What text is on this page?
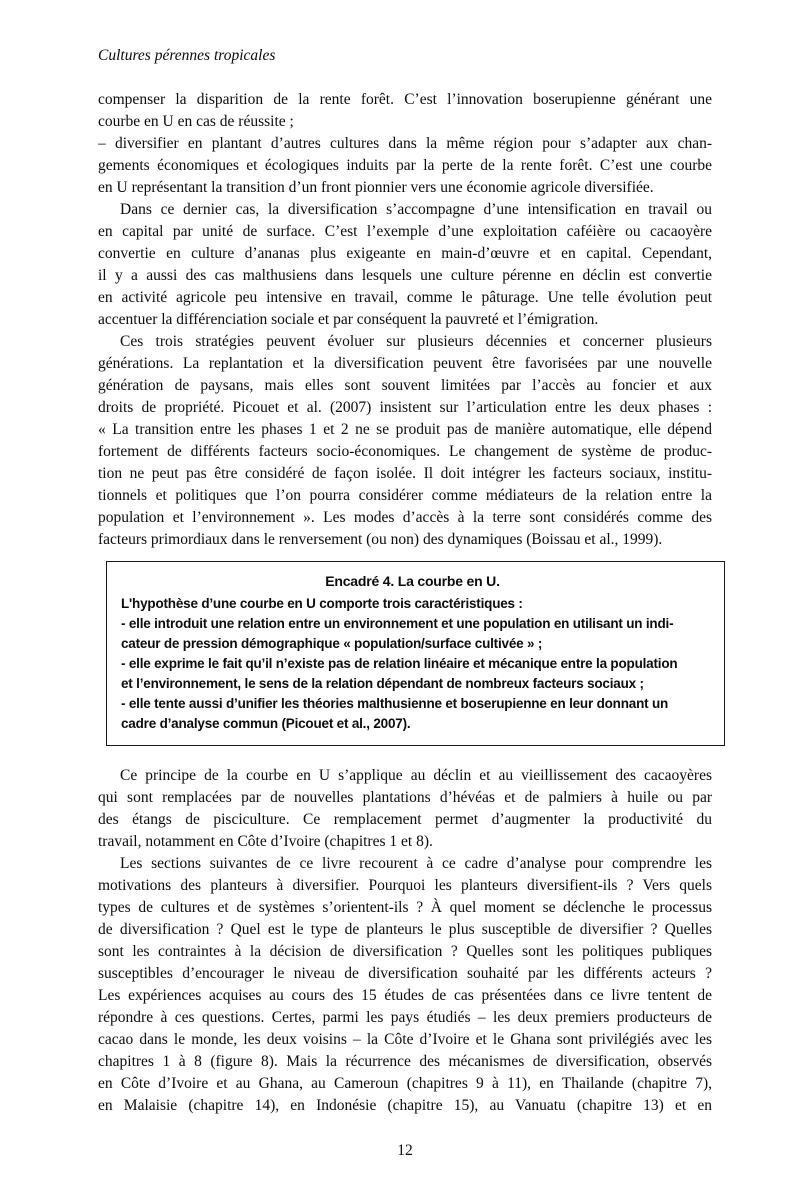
Cultures pérennes tropicales
compenser la disparition de la rente forêt. C’est l’innovation boserupienne générant une
courbe en U en cas de réussite ;
– diversifier en plantant d’autres cultures dans la même région pour s’adapter aux chan-
gements économiques et écologiques induits par la perte de la rente forêt. C’est une courbe
en U représentant la transition d’un front pionnier vers une économie agricole diversifiée.
Dans ce dernier cas, la diversification s’accompagne d’une intensification en travail ou
en capital par unité de surface. C’est l’exemple d’une exploitation caféière ou cacaoyère
convertie en culture d’ananas plus exigeante en main-d’œuvre et en capital. Cependant,
il y a aussi des cas malthusiens dans lesquels une culture pérenne en déclin est convertie
en activité agricole peu intensive en travail, comme le pâturage. Une telle évolution peut
accentuer la différenciation sociale et par conséquent la pauvreté et l’émigration.
Ces trois stratégies peuvent évoluer sur plusieurs décennies et concerner plusieurs
générations. La replantation et la diversification peuvent être favorisées par une nouvelle
génération de paysans, mais elles sont souvent limitées par l’accès au foncier et aux
droits de propriété. Picouet et al. (2007) insistent sur l’articulation entre les deux phases :
« La transition entre les phases 1 et 2 ne se produit pas de manière automatique, elle dépend
fortement de différents facteurs socio-économiques. Le changement de système de produc-
tion ne peut pas être considéré de façon isolée. Il doit intégrer les facteurs sociaux, institu-
tionnels et politiques que l’on pourra considérer comme médiateurs de la relation entre la
population et l’environnement ». Les modes d’accès à la terre sont considérés comme des
facteurs primordiaux dans le renversement (ou non) des dynamiques (Boissau et al., 1999).
Encadré 4. La courbe en U.
L'hypothèse d’une courbe en U comporte trois caractéristiques :
- elle introduit une relation entre un environnement et une population en utilisant un indi-
cateur de pression démographique « population/surface cultivée » ;
- elle exprime le fait qu’il n’existe pas de relation linéaire et mécanique entre la population
et l’environnement, le sens de la relation dépendant de nombreux facteurs sociaux ;
- elle tente aussi d’unifier les théories malthusienne et boserupienne en leur donnant un
cadre d’analyse commun (Picouet et al., 2007).
Ce principe de la courbe en U s’applique au déclin et au vieillissement des cacaoyères
qui sont remplacées par de nouvelles plantations d’hévéas et de palmiers à huile ou par
des étangs de pisciculture. Ce remplacement permet d’augmenter la productivité du
travail, notamment en Côte d’Ivoire (chapitres 1 et 8).
Les sections suivantes de ce livre recourent à ce cadre d’analyse pour comprendre les
motivations des planteurs à diversifier. Pourquoi les planteurs diversifient-ils ? Vers quels
types de cultures et de systèmes s’orientent-ils ? À quel moment se déclenche le processus
de diversification ? Quel est le type de planteurs le plus susceptible de diversifier ? Quelles
sont les contraintes à la décision de diversification ? Quelles sont les politiques publiques
susceptibles d’encourager le niveau de diversification souhaité par les différents acteurs ?
Les expériences acquises au cours des 15 études de cas présentées dans ce livre tentent de
répondre à ces questions. Certes, parmi les pays étudiés – les deux premiers producteurs de
cacao dans le monde, les deux voisins – la Côte d’Ivoire et le Ghana sont privilégiés avec les
chapitres 1 à 8 (figure 8). Mais la récurrence des mécanismes de diversification, observés
en Côte d’Ivoire et au Ghana, au Cameroun (chapitres 9 à 11), en Thailande (chapitre 7),
en Malaisie (chapitre 14), en Indonésie (chapitre 15), au Vanuatu (chapitre 13) et en
12
